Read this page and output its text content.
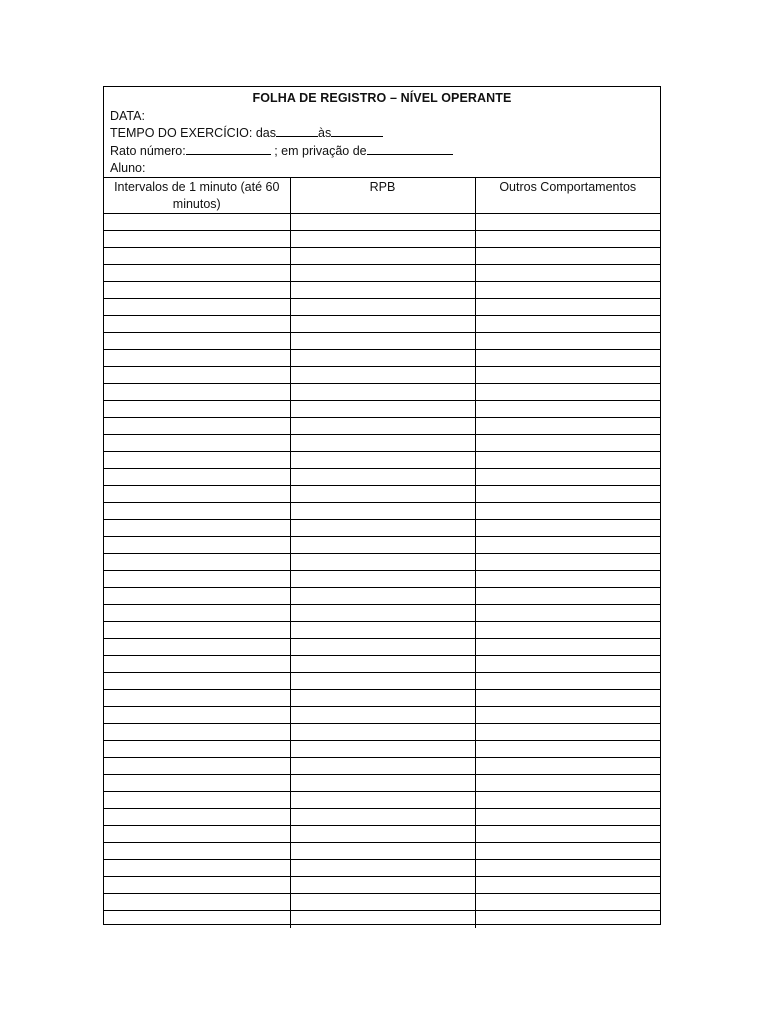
FOLHA DE REGISTRO – NÍVEL OPERANTE
DATA:
TEMPO DO EXERCÍCIO: das	às
Rato número:	; em privação de
Aluno:
Intervalos de 1 minuto (até 60 minutos)	RPB	Outros Comportamentos
